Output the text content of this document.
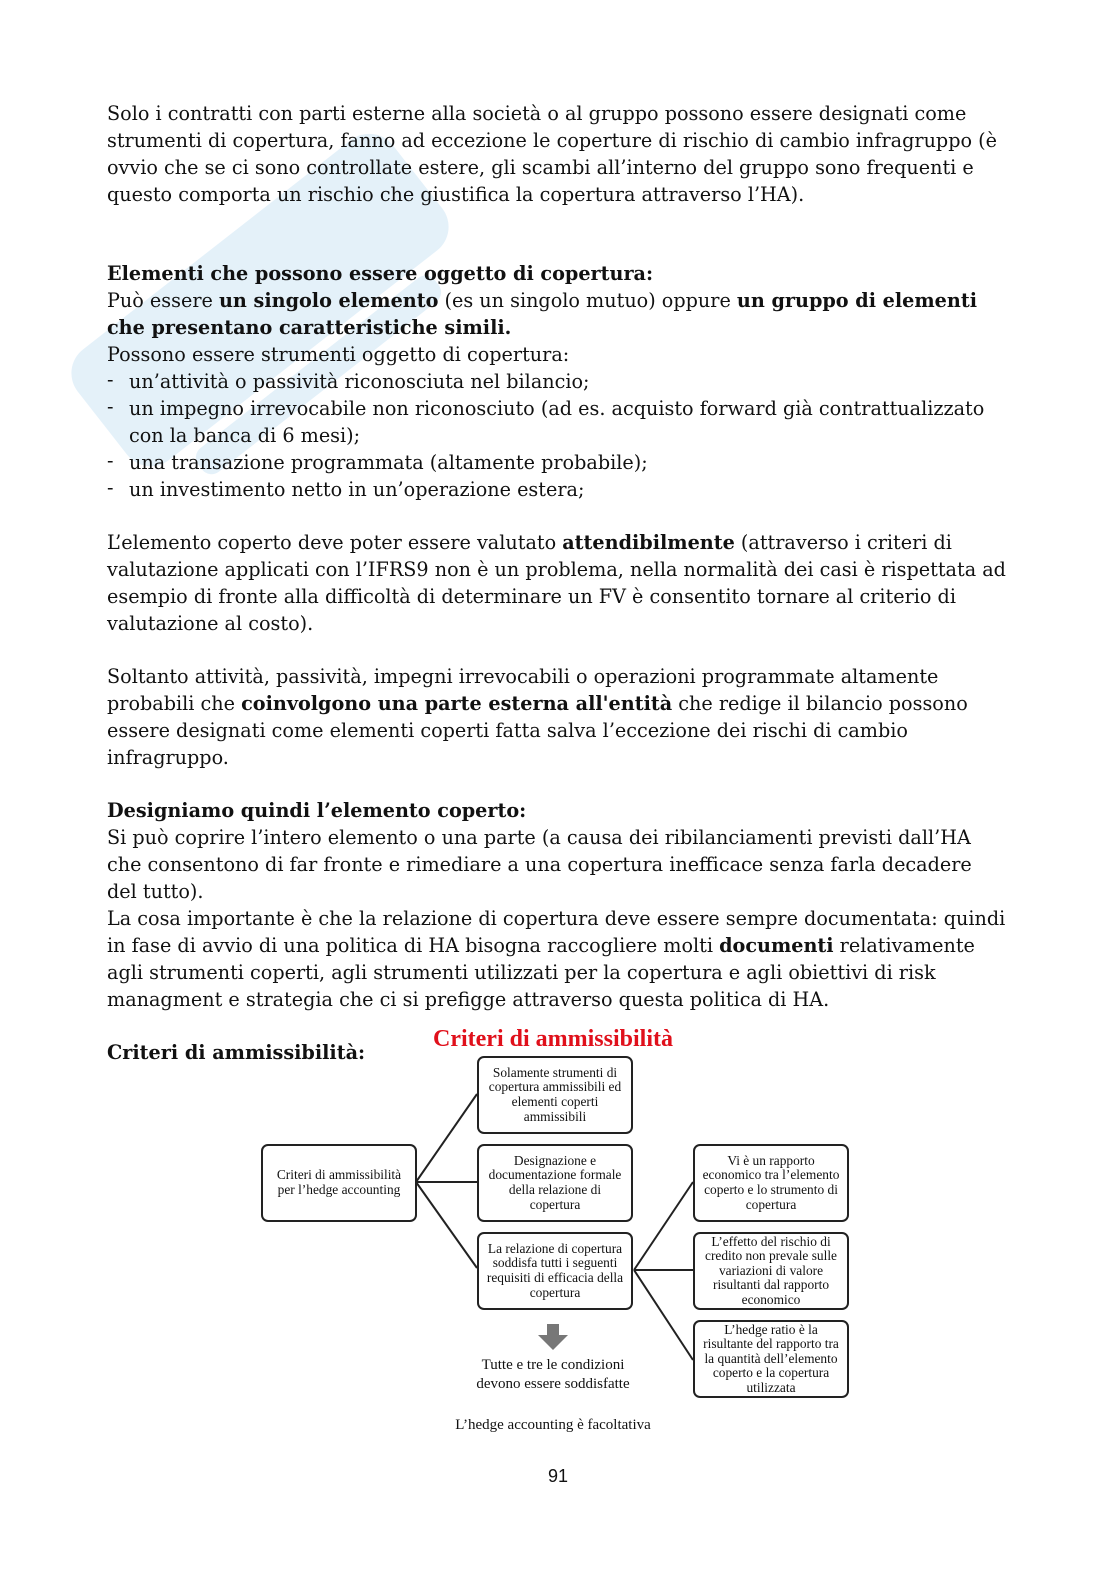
Solo i contratti con parti esterne alla società o al gruppo possono essere designati come strumenti di copertura, fanno ad eccezione le coperture di rischio di cambio infragruppo (è ovvio che se ci sono controllate estere, gli scambi all’interno del gruppo sono frequenti e questo comporta un rischio che giustifica la copertura attraverso l’HA).

Elementi che possono essere oggetto di copertura:

Può essere un singolo elemento (es un singolo mutuo) oppure un gruppo di elementi che presentano caratteristiche simili.

Possono essere strumenti oggetto di copertura:

- un’attività o passività riconosciuta nel bilancio;
- un impegno irrevocabile non riconosciuto (ad es. acquisto forward già contrattualizzato con la banca di 6 mesi);
- una transazione programmata (altamente probabile);
- un investimento netto in un’operazione estera;

L’elemento coperto deve poter essere valutato attendibilmente (attraverso i criteri di valutazione applicati con l’IFRS9 non è un problema, nella normalità dei casi è rispettata ad esempio di fronte alla difficoltà di determinare un FV è consentito tornare al criterio di valutazione al costo).

Soltanto attività, passività, impegni irrevocabili o operazioni programmate altamente probabili che coinvolgono una parte esterna all'entità che redige il bilancio possono essere designati come elementi coperti fatta salva l’eccezione dei rischi di cambio infragruppo.

Designiamo quindi l’elemento coperto:

Si può coprire l’intero elemento o una parte (a causa dei ribilanciamenti previsti dall’HA che consentono di far fronte e rimediare a una copertura inefficace senza farla decadere del tutto).

La cosa importante è che la relazione di copertura deve essere sempre documentata: quindi in fase di avvio di una politica di HA bisogna raccogliere molti documenti relativamente agli strumenti coperti, agli strumenti utilizzati per la copertura e agli obiettivi di risk managment e strategia che ci si prefigge attraverso questa politica di HA.

Criteri di ammissibilità:

Criteri di ammissibilità
Criteri di ammissibilità per l’hedge accounting
Solamente strumenti di copertura ammissibili ed elementi coperti ammissibili
Designazione e documentazione formale della relazione di copertura
La relazione di copertura soddisfa tutti i seguenti requisiti di efficacia della copertura
Vi è un rapporto economico tra l’elemento coperto e lo strumento di copertura
L’effetto del rischio di credito non prevale sulle variazioni di valore risultanti dal rapporto economico
L’hedge ratio è la risultante del rapporto tra la quantità dell’elemento coperto e la copertura utilizzata
Tutte e tre le condizioni devono essere soddisfatte
L’hedge accounting è facoltativa
91
